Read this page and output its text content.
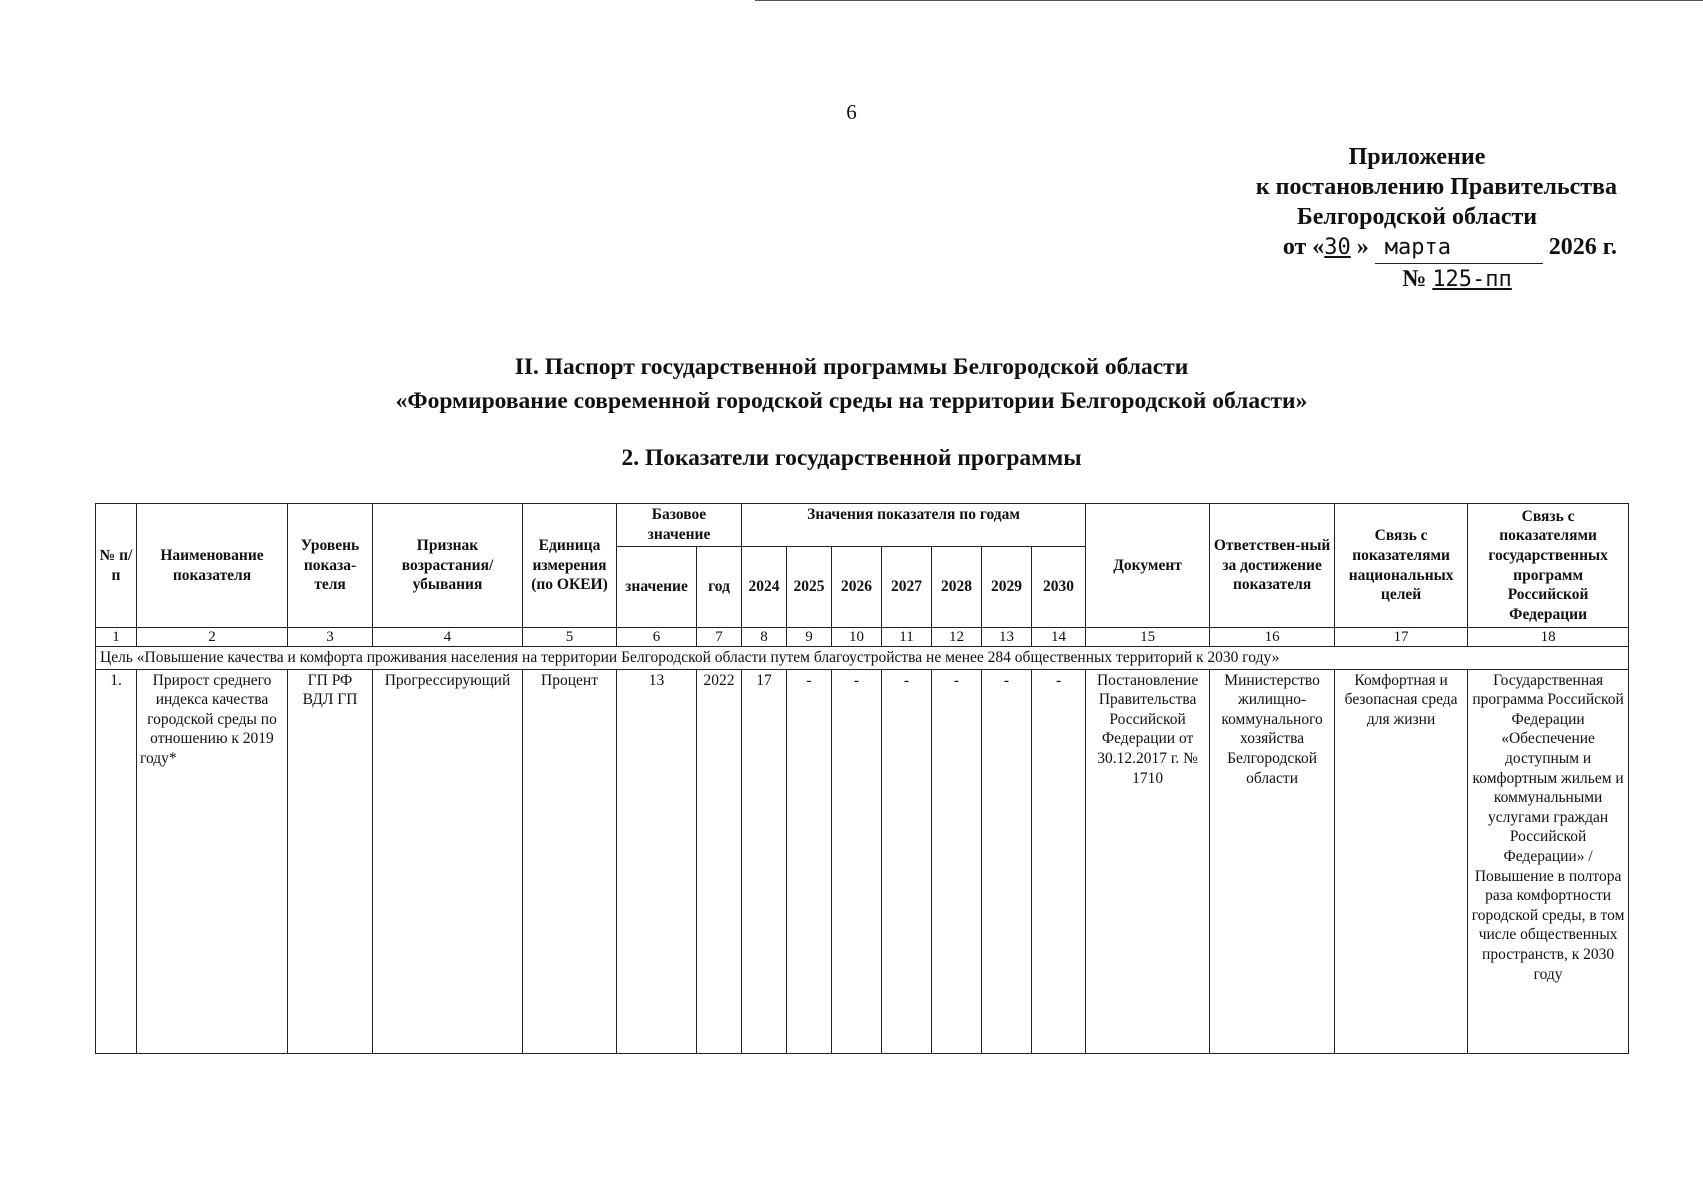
6
Приложение
к постановлению Правительства
Белгородской области
от «30 » марта	2026 г.
№ 125-пп
II. Паспорт государственной программы Белгородской области
«Формирование современной городской среды на территории Белгородской области»
2. Показатели государственной программы
№ п/п	Наименование показателя	Уровень показа-теля	Признак возрастания/ убывания	Единица измерения (по ОКЕИ)	Базовое значение		Значения показателя по годам							Документ	Ответствен-ный за достижение показателя	Связь с показателями национальных целей	Связь с показателями государственных программ Российской Федерации
					значение	год	2024	2025	2026	2027	2028	2029	2030				
1	2	3	4	5	6	7	8	9	10	11	12	13	14	15	16	17	18
Цель «Повышение качества и комфорта проживания населения на территории Белгородской области путем благоустройства не менее 284 общественных территорий к 2030 году»																	
1.	Прирост среднего индекса качества городской среды по отношению к 2019 году*	ГП РФ ВДЛ ГП	Прогрессирующий	Процент	13	2022	17	-	-	-	-	-	-	Постановление Правительства Российской Федерации от 30.12.2017 г. № 1710	Министерство жилищно-коммунального хозяйства Белгородской области	Комфортная и безопасная среда для жизни	Государственная программа Российской Федерации «Обеспечение доступным и комфортным жильем и коммунальными услугами граждан Российской Федерации» / Повышение в полтора раза комфортности городской среды, в том числе общественных пространств, к 2030 году
